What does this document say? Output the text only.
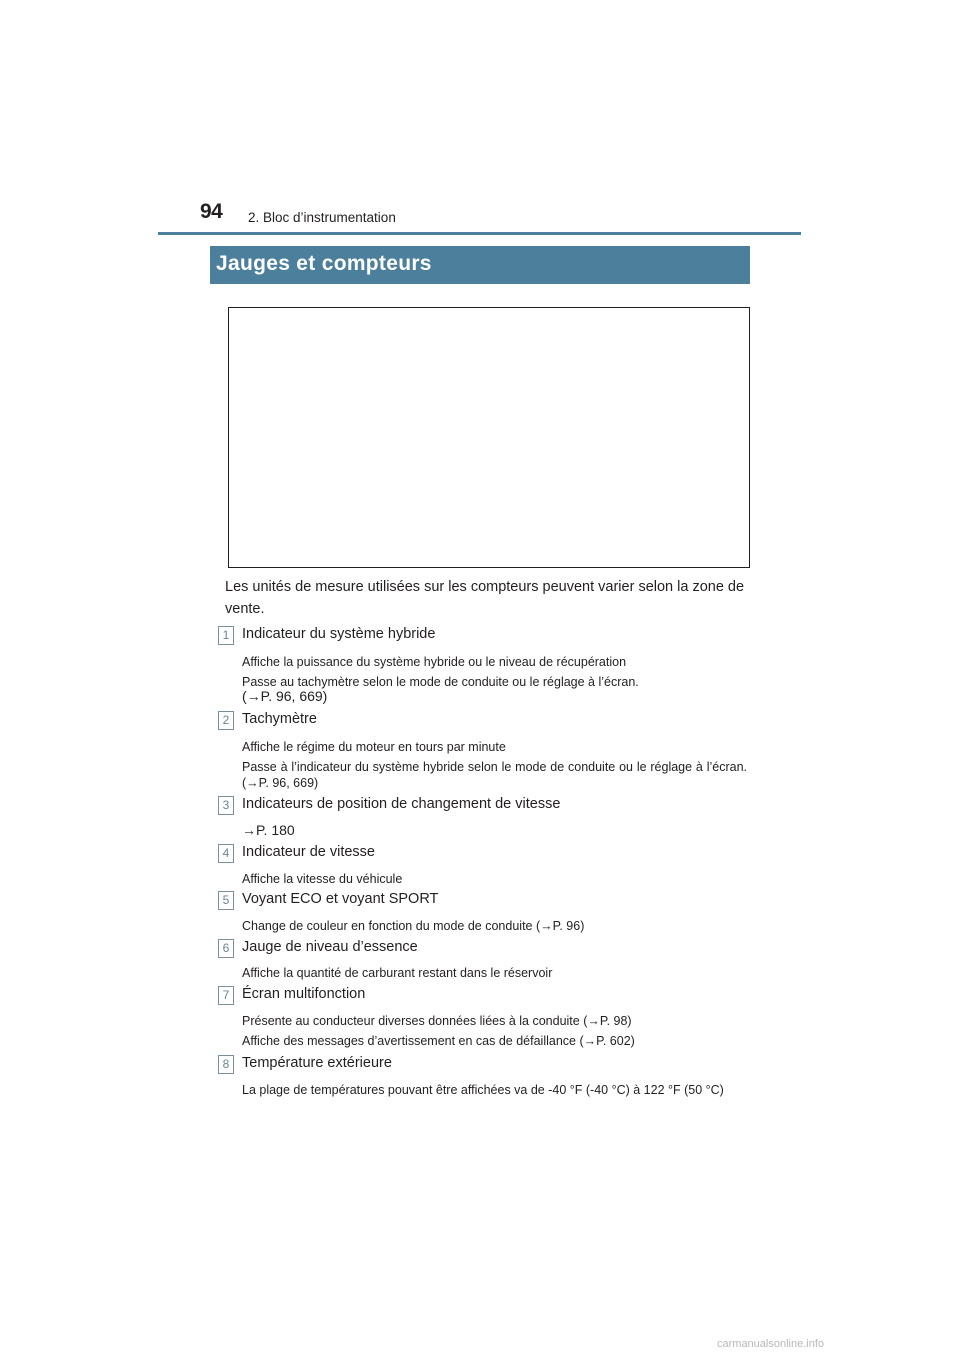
94 2. Bloc d’instrumentation
Jauges et compteurs
Les unités de mesure utilisées sur les compteurs peuvent varier selon la zone de vente.
1 Indicateur du système hybride
Affiche la puissance du système hybride ou le niveau de récupération
Passe au tachymètre selon le mode de conduite ou le réglage à l’écran.
(→P. 96, 669)
2 Tachymètre
Affiche le régime du moteur en tours par minute
Passe à l’indicateur du système hybride selon le mode de conduite ou le réglage à l’écran. (→P. 96, 669)
3 Indicateurs de position de changement de vitesse
→P. 180
4 Indicateur de vitesse
Affiche la vitesse du véhicule
5 Voyant ECO et voyant SPORT
Change de couleur en fonction du mode de conduite (→P. 96)
6 Jauge de niveau d’essence
Affiche la quantité de carburant restant dans le réservoir
7 Écran multifonction
Présente au conducteur diverses données liées à la conduite (→P. 98)
Affiche des messages d’avertissement en cas de défaillance (→P. 602)
8 Température extérieure
La plage de températures pouvant être affichées va de -40 °F (-40 °C) à 122 °F (50 °C)
carmanualsonline.info
